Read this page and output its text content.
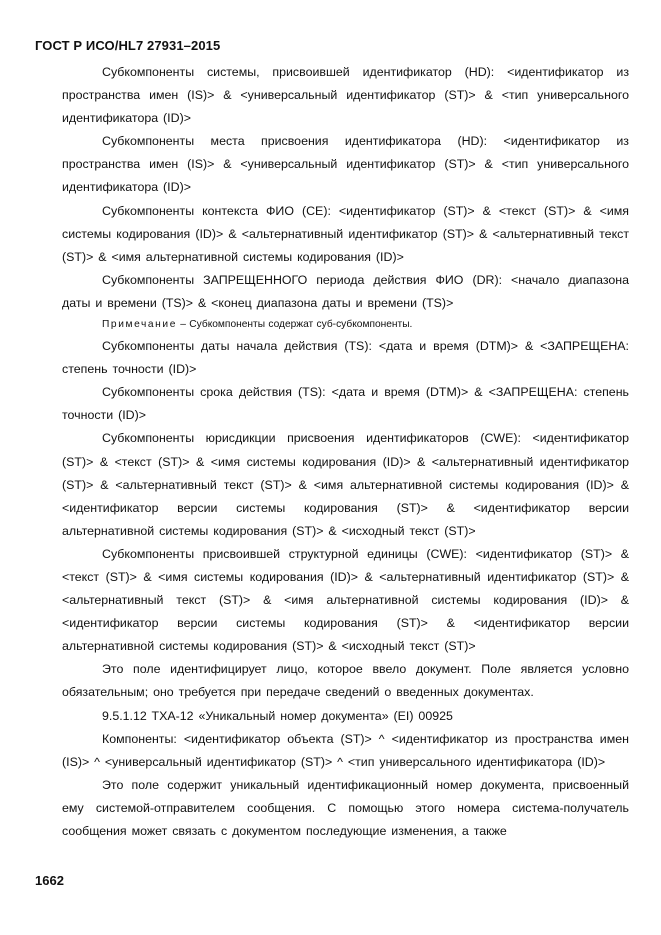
ГОСТ Р ИСО/HL7 27931–2015

Субкомпоненты системы, присвоившей идентификатор (HD): <идентификатор из пространства имен (IS)> & <универсальный идентификатор (ST)> & <тип универсального идентификатора (ID)>

Субкомпоненты места присвоения идентификатора (HD): <идентификатор из пространства имен (IS)> & <универсальный идентификатор (ST)> & <тип универсального идентификатора (ID)>

Субкомпоненты контекста ФИО (CE): <идентификатор (ST)> & <текст (ST)> & <имя системы кодирования (ID)> & <альтернативный идентификатор (ST)> & <альтернативный текст (ST)> & <имя альтернативной системы кодирования (ID)>

Субкомпоненты ЗАПРЕЩЕННОГО периода действия ФИО (DR): <начало диапазона даты и времени (TS)> & <конец диапазона даты и времени (TS)>

Примечание – Субкомпоненты содержат суб-субкомпоненты.

Субкомпоненты даты начала действия (TS): <дата и время (DTM)> & <ЗАПРЕЩЕНА: степень точности (ID)>

Субкомпоненты срока действия (TS): <дата и время (DTM)> & <ЗАПРЕЩЕНА: степень точности (ID)>

Субкомпоненты юрисдикции присвоения идентификаторов (CWE): <идентификатор (ST)> & <текст (ST)> & <имя системы кодирования (ID)> & <альтернативный идентификатор (ST)> & <альтернативный текст (ST)> & <имя альтернативной системы кодирования (ID)> & <идентификатор версии системы кодирования (ST)> & <идентификатор версии альтернативной системы кодирования (ST)> & <исходный текст (ST)>

Субкомпоненты присвоившей структурной единицы (CWE): <идентификатор (ST)> & <текст (ST)> & <имя системы кодирования (ID)> & <альтернативный идентификатор (ST)> & <альтернативный текст (ST)> & <имя альтернативной системы кодирования (ID)> & <идентификатор версии системы кодирования (ST)> & <идентификатор версии альтернативной системы кодирования (ST)> & <исходный текст (ST)>

Это поле идентифицирует лицо, которое ввело документ. Поле является условно обязательным; оно требуется при передаче сведений о введенных документах.

9.5.1.12 TXA-12 «Уникальный номер документа» (EI) 00925

Компоненты: <идентификатор объекта (ST)> ^ <идентификатор из пространства имен (IS)> ^ <универсальный идентификатор (ST)> ^ <тип универсального идентификатора (ID)>

Это поле содержит уникальный идентификационный номер документа, присвоенный ему системой-отправителем сообщения. С помощью этого номера система-получатель сообщения может связать с документом последующие изменения, а также

1662
